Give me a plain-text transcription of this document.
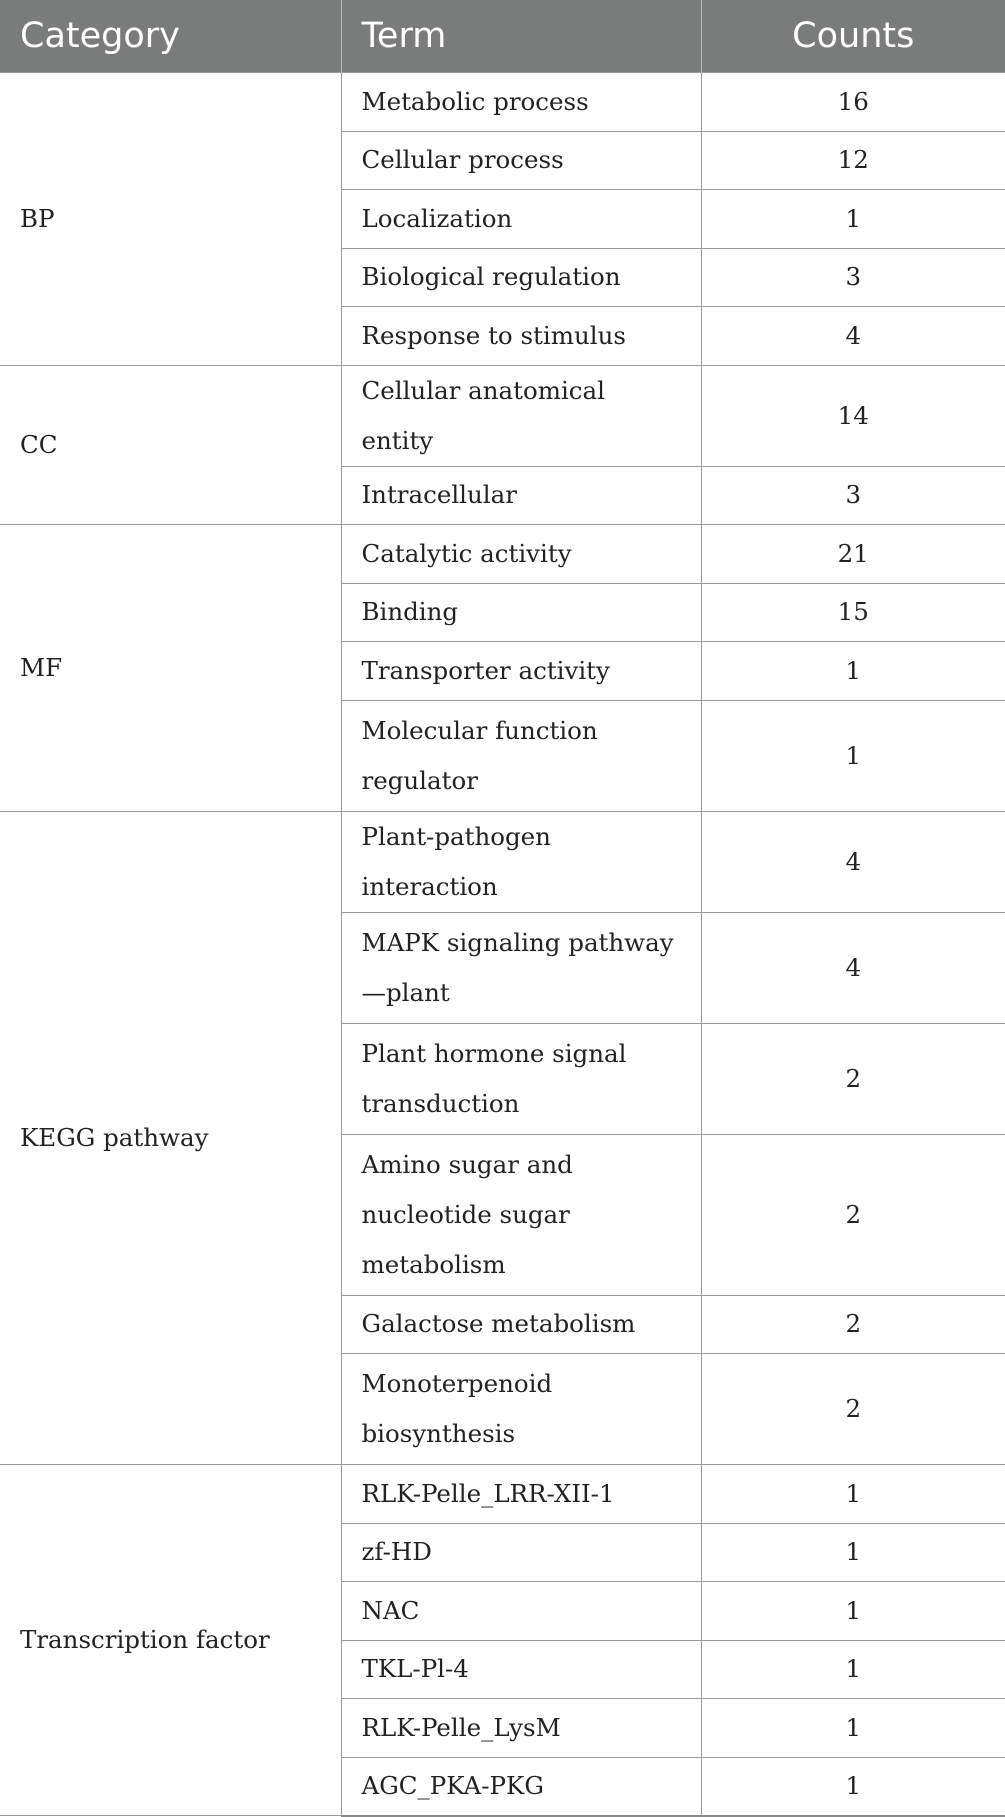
Category	Term	Counts
BP	Metabolic process	16
	Cellular process	12
	Localization	1
	Biological regulation	3
	Response to stimulus	4
CC	Cellular anatomical entity	14
	Intracellular	3
MF	Catalytic activity	21
	Binding	15
	Transporter activity	1
	Molecular function regulator	1
KEGG pathway	Plant-pathogen interaction	4
	MAPK signaling pathway—plant	4
	Plant hormone signal transduction	2
	Amino sugar and nucleotide sugar metabolism	2
	Galactose metabolism	2
	Monoterpenoid biosynthesis	2
Transcription factor	RLK-Pelle_LRR-XII-1	1
	zf-HD	1
	NAC	1
	TKL-Pl-4	1
	RLK-Pelle_LysM	1
	AGC_PKA-PKG	1
